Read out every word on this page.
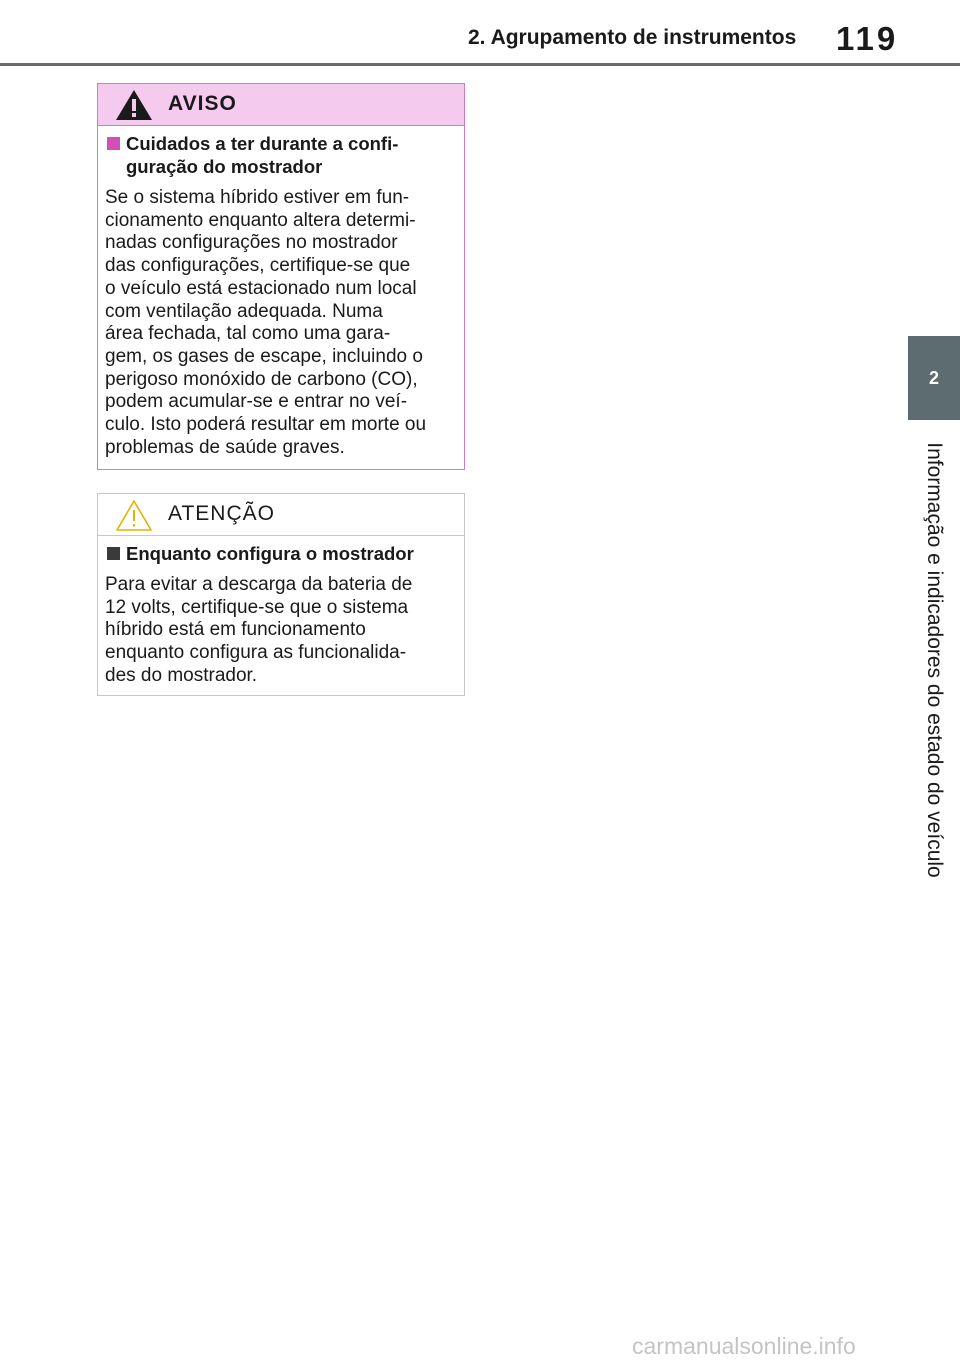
2. Agrupamento de instrumentos 119
2
Informação e indicadores do estado do veículo
AVISO
Cuidados a ter durante a confi-
guração do mostrador
Se o sistema híbrido estiver em fun-
cionamento enquanto altera determi-
nadas configurações no mostrador
das configurações, certifique-se que
o veículo está estacionado num local
com ventilação adequada. Numa
área fechada, tal como uma gara-
gem, os gases de escape, incluindo o
perigoso monóxido de carbono (CO),
podem acumular-se e entrar no veí-
culo. Isto poderá resultar em morte ou
problemas de saúde graves.
ATENÇÃO
Enquanto configura o mostrador
Para evitar a descarga da bateria de
12 volts, certifique-se que o sistema
híbrido está em funcionamento
enquanto configura as funcionalida-
des do mostrador.
carmanualsonline.info
